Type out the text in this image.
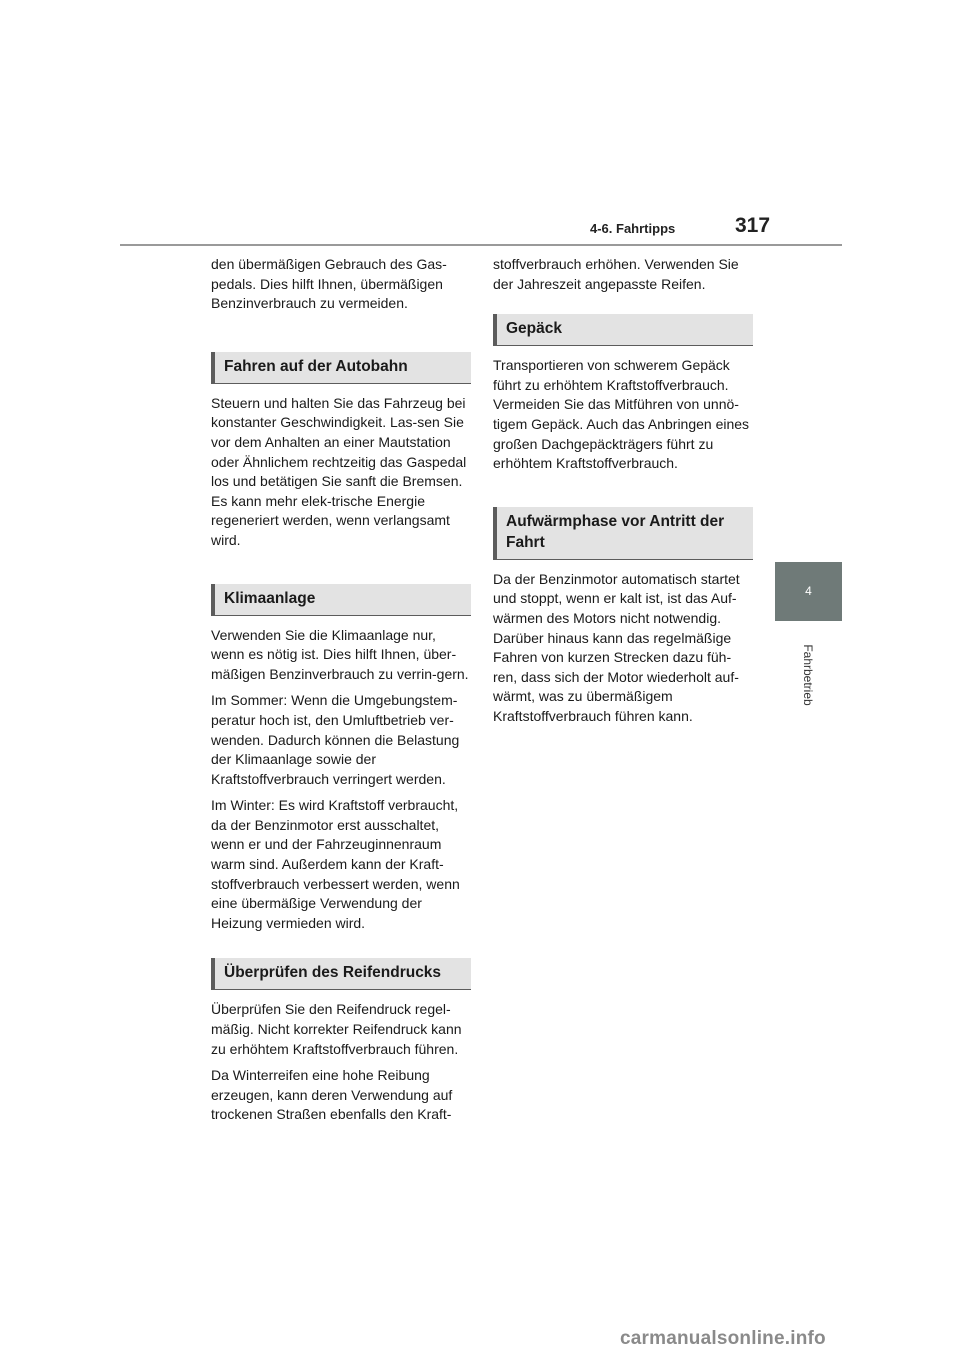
4-6. Fahrtipps	317
4
Fahrbetrieb

den übermäßigen Gebrauch des Gas-pedals. Dies hilft Ihnen, übermäßigen Benzinverbrauch zu vermeiden.

Fahren auf der Autobahn

Steuern und halten Sie das Fahrzeug bei konstanter Geschwindigkeit. Las-sen Sie vor dem Anhalten an einer Mautstation oder Ähnlichem rechtzeitig das Gaspedal los und betätigen Sie sanft die Bremsen. Es kann mehr elek-trische Energie regeneriert werden, wenn verlangsamt wird.

Klimaanlage

Verwenden Sie die Klimaanlage nur, wenn es nötig ist. Dies hilft Ihnen, über-mäßigen Benzinverbrauch zu verrin-gern.

Im Sommer: Wenn die Umgebungstem-peratur hoch ist, den Umluftbetrieb ver-wenden. Dadurch können die Belastung der Klimaanlage sowie der Kraftstoffverbrauch verringert werden.

Im Winter: Es wird Kraftstoff verbraucht, da der Benzinmotor erst ausschaltet, wenn er und der Fahrzeuginnenraum warm sind. Außerdem kann der Kraft-stoffverbrauch verbessert werden, wenn eine übermäßige Verwendung der Heizung vermieden wird.

Überprüfen des Reifendrucks

Überprüfen Sie den Reifendruck regel-mäßig. Nicht korrekter Reifendruck kann zu erhöhtem Kraftstoffverbrauch führen.

Da Winterreifen eine hohe Reibung erzeugen, kann deren Verwendung auf trockenen Straßen ebenfalls den Kraft-

stoffverbrauch erhöhen. Verwenden Sie der Jahreszeit angepasste Reifen.

Gepäck

Transportieren von schwerem Gepäck führt zu erhöhtem Kraftstoffverbrauch. Vermeiden Sie das Mitführen von unnö-tigem Gepäck. Auch das Anbringen eines großen Dachgepäckträgers führt zu erhöhtem Kraftstoffverbrauch.

Aufwärmphase vor Antritt der Fahrt

Da der Benzinmotor automatisch startet und stoppt, wenn er kalt ist, ist das Auf-wärmen des Motors nicht notwendig. Darüber hinaus kann das regelmäßige Fahren von kurzen Strecken dazu füh-ren, dass sich der Motor wiederholt auf-wärmt, was zu übermäßigem Kraftstoffverbrauch führen kann.

carmanualsonline.info
